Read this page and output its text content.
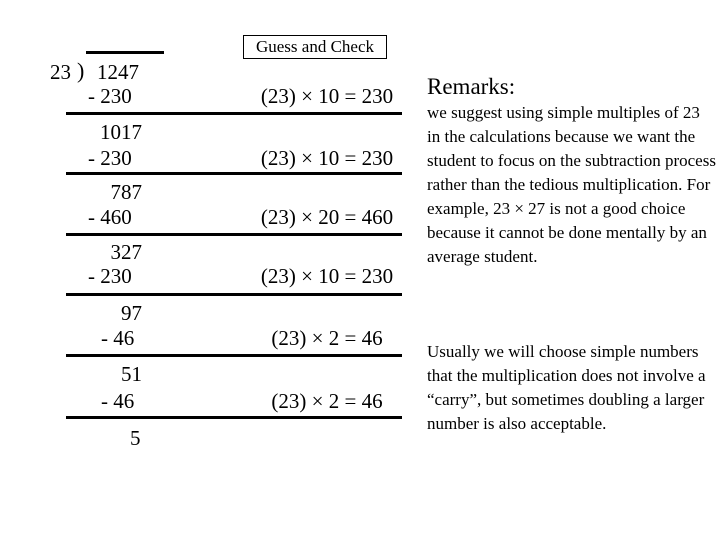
Guess and Check
23 ) 1247
- 230	(23) × 10 = 230
1017
- 230	(23) × 10 = 230
787
- 460	(23) × 20 = 460
327
- 230	(23) × 10 = 230
97
- 46	(23) × 2 = 46
51
- 46	(23) × 2 = 46
5
Remarks:
we suggest using simple multiples of 23 in the calculations because we want the student to focus on the subtraction process rather than the tedious multiplication. For example, 23 × 27 is not a good choice because it cannot be done mentally by an average student.
Usually we will choose simple numbers that the multiplication does not involve a “carry”, but sometimes doubling a larger number is also acceptable.
